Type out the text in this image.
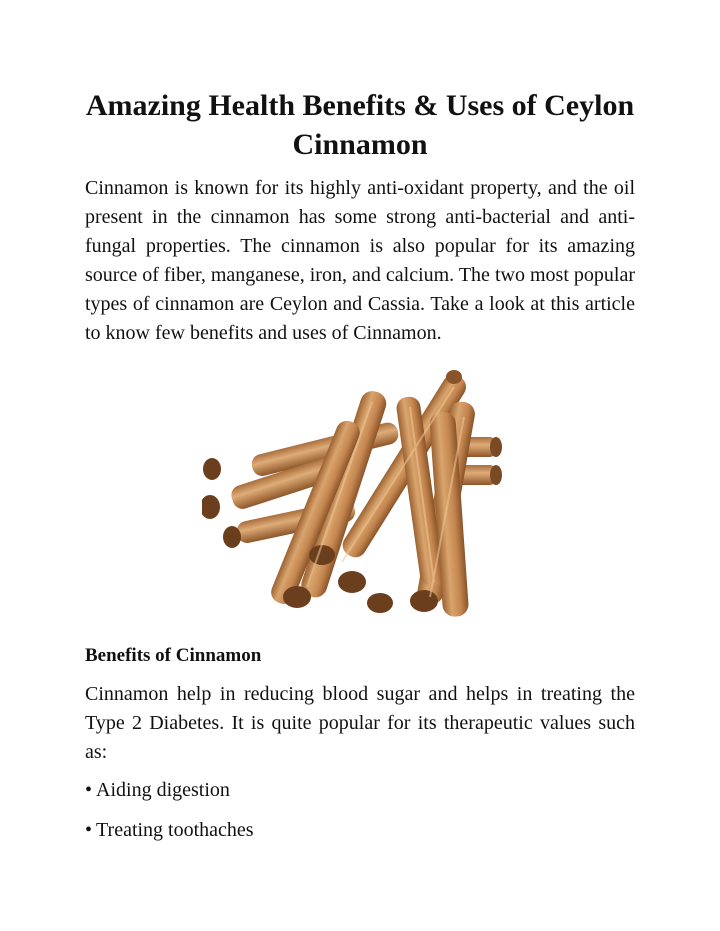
Amazing Health Benefits & Uses of Ceylon Cinnamon

Cinnamon is known for its highly anti-oxidant property, and the oil present in the cinnamon has some strong anti-bacterial and anti-fungal properties. The cinnamon is also popular for its amazing source of fiber, manganese, iron, and calcium. The two most popular types of cinnamon are Ceylon and Cassia. Take a look at this article to know few benefits and uses of Cinnamon.

Benefits of Cinnamon

Cinnamon help in reducing blood sugar and helps in treating the Type 2 Diabetes. It is quite popular for its therapeutic values such as:

• Aiding digestion
• Treating toothaches
